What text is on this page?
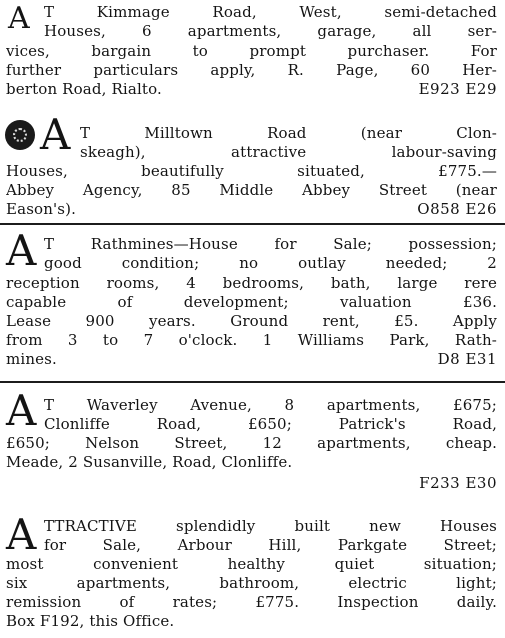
A T Kimmage Road, West, semi-detached
Houses, 6 apartments, garage, all ser-
vices, bargain to prompt purchaser. For
further particulars apply, R. Page, 60 Her-
berton Road, Rialto.	E923 E29
A T Milltown Road (near Clon-
skeagh), attractive labour-saving
Houses, beautifully situated, £775.—
Abbey Agency, 85 Middle Abbey Street (near
Eason's).	O858 E26
A T Rathmines—House for Sale; possession;
good condition; no outlay needed; 2
reception rooms, 4 bedrooms, bath, large rere
capable of development; valuation £36.
Lease 900 years. Ground rent, £5. Apply
from 3 to 7 o'clock. 1 Williams Park, Rath-
mines.	D8 E31
A T Waverley Avenue, 8 apartments, £675;
Clonliffe Road, £650; Patrick's Road,
£650; Nelson Street, 12 apartments, cheap.
Meade, 2 Susanville, Road, Clonliffe.
F233 E30
A TTRACTIVE splendidly built new Houses
for Sale, Arbour Hill, Parkgate Street;
most convenient healthy quiet situation;
six apartments, bathroom, electric light;
remission of rates; £775. Inspection daily.
Box F192, this Office.
